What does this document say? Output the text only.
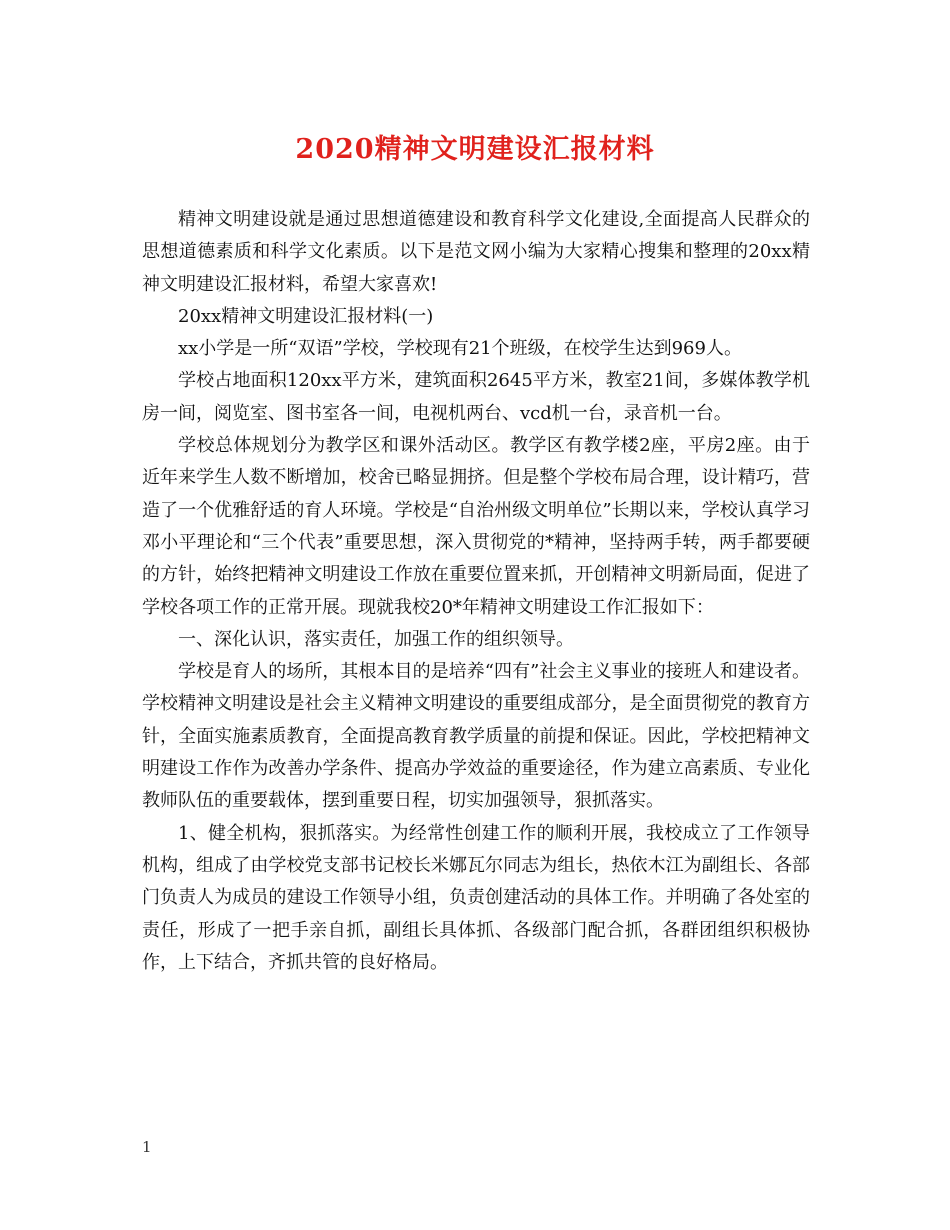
2020精神文明建设汇报材料

精神文明建设就是通过思想道德建设和教育科学文化建设,全面提高人民群众的思想道德素质和科学文化素质。以下是范文网小编为大家精心搜集和整理的20xx精神文明建设汇报材料，希望大家喜欢!

20xx精神文明建设汇报材料(一)

xx小学是一所“双语”学校，学校现有21个班级，在校学生达到969人。

学校占地面积120xx平方米，建筑面积2645平方米，教室21间，多媒体教学机房一间，阅览室、图书室各一间，电视机两台、vcd机一台，录音机一台。

学校总体规划分为教学区和课外活动区。教学区有教学楼2座，平房2座。由于近年来学生人数不断增加，校舍已略显拥挤。但是整个学校布局合理，设计精巧，营造了一个优雅舒适的育人环境。学校是“自治州级文明单位”长期以来，学校认真学习邓小平理论和“三个代表”重要思想，深入贯彻党的*精神，坚持两手转，两手都要硬的方针，始终把精神文明建设工作放在重要位置来抓，开创精神文明新局面，促进了学校各项工作的正常开展。现就我校20*年精神文明建设工作汇报如下：

一、深化认识，落实责任，加强工作的组织领导。

学校是育人的场所，其根本目的是培养“四有”社会主义事业的接班人和建设者。学校精神文明建设是社会主义精神文明建设的重要组成部分，是全面贯彻党的教育方针，全面实施素质教育，全面提高教育教学质量的前提和保证。因此，学校把精神文明建设工作作为改善办学条件、提高办学效益的重要途径，作为建立高素质、专业化教师队伍的重要载体，摆到重要日程，切实加强领导，狠抓落实。

1、健全机构，狠抓落实。为经常性创建工作的顺利开展，我校成立了工作领导机构，组成了由学校党支部书记校长米娜瓦尔同志为组长，热依木江为副组长、各部门负责人为成员的建设工作领导小组，负责创建活动的具体工作。并明确了各处室的责任，形成了一把手亲自抓，副组长具体抓、各级部门配合抓，各群团组织积极协作，上下结合，齐抓共管的良好格局。

1
